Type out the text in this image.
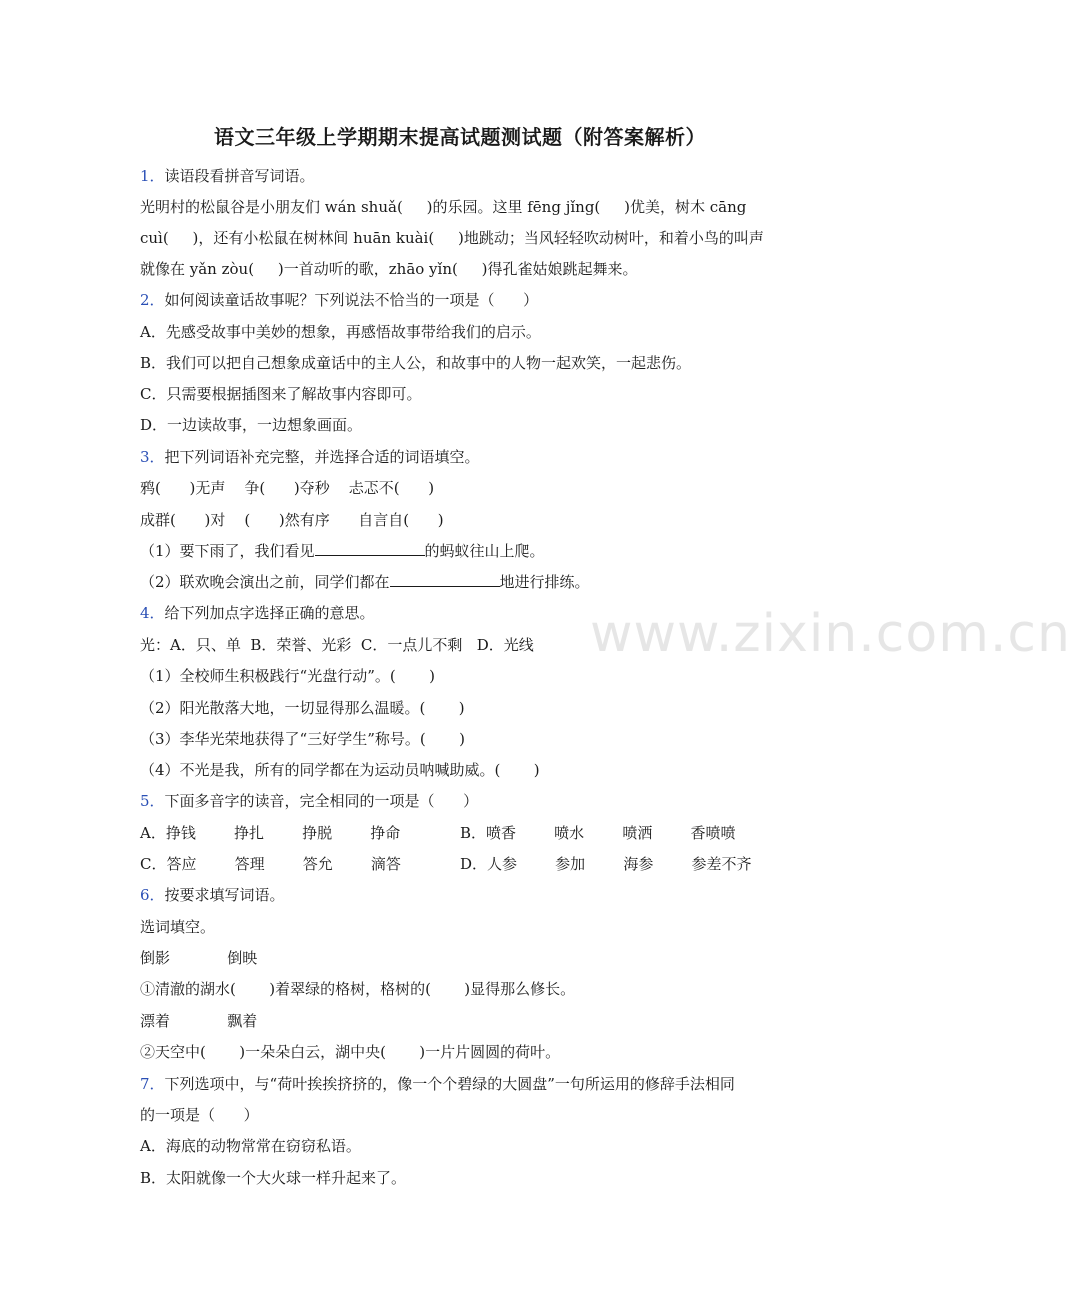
www.zixin.com.cn
语文三年级上学期期末提高试题测试题（附答案解析）
1．读语段看拼音写词语。
光明村的松鼠谷是小朋友们 wán shuǎ(     )的乐园。这里 fēng jǐng(     )优美，树木 cāng
cuì(     )，还有小松鼠在树林间 huān kuài(     )地跳动；当风轻轻吹动树叶，和着小鸟的叫声
就像在 yǎn zòu(     )一首动听的歌，zhāo yǐn(     )得孔雀姑娘跳起舞来。
2．如何阅读童话故事呢？下列说法不恰当的一项是（      ）
A．先感受故事中美妙的想象，再感悟故事带给我们的启示。
B．我们可以把自己想象成童话中的主人公，和故事中的人物一起欢笑，一起悲伤。
C．只需要根据插图来了解故事内容即可。
D．一边读故事，一边想象画面。
3．把下列词语补充完整，并选择合适的词语填空。
鸦(      )无声    争(      )夺秒    忐忑不(      )
成群(      )对    (      )然有序      自言自(      )
（1）要下雨了，我们看见	的蚂蚁往山上爬。
（2）联欢晚会演出之前，同学们都在	地进行排练。
4．给下列加点字选择正确的意思。
光：A．只、单  B．荣誉、光彩  C．一点儿不剩   D．光线
（1）全校师生积极践行“光盘行动”。(       )
（2）阳光散落大地，一切显得那么温暖。(       )
（3）李华光荣地获得了“三好学生”称号。(       )
（4）不光是我，所有的同学都在为运动员呐喊助威。(       )
5．下面多音字的读音，完全相同的一项是（      ）
A．挣钱        挣扎        挣脱        挣命	B．喷香        喷水        喷洒        香喷喷
C．答应        答理        答允        滴答	D．人参        参加        海参        参差不齐
6．按要求填写词语。
选词填空。
倒影            倒映
①清澈的湖水(       )着翠绿的格树，格树的(       )显得那么修长。
漂着            飘着
②天空中(       )一朵朵白云，湖中央(       )一片片圆圆的荷叶。
7．下列选项中，与“荷叶挨挨挤挤的，像一个个碧绿的大圆盘”一句所运用的修辞手法相同
的一项是（      ）
A．海底的动物常常在窃窃私语。
B．太阳就像一个大火球一样升起来了。
